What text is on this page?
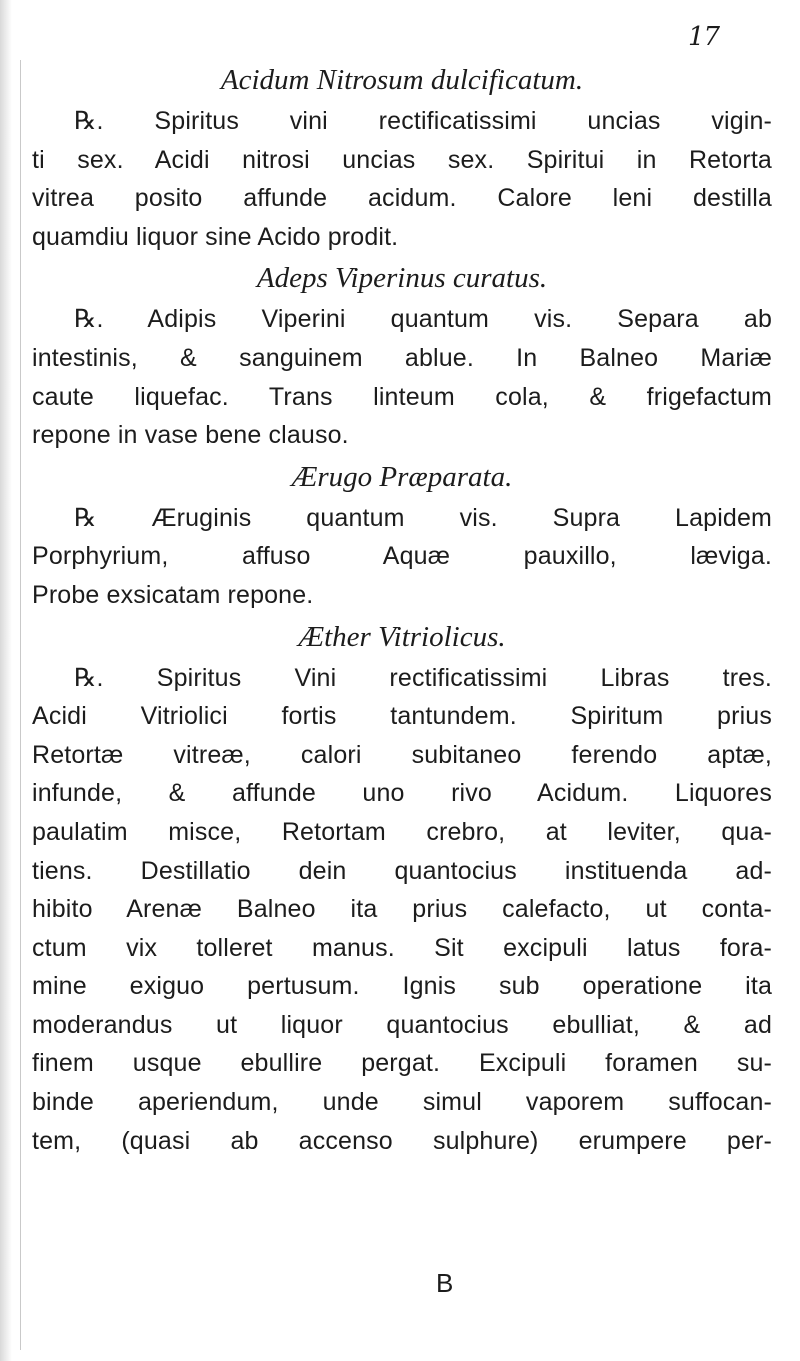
17
Acidum Nitrosum dulcificatum.
℞. Spiritus vini rectificatissimi uncias vigin-
ti sex. Acidi nitrosi uncias sex. Spiritui in Retorta
vitrea posito affunde acidum. Calore leni destilla
quamdiu liquor sine Acido prodit.
Adeps Viperinus curatus.
℞. Adipis Viperini quantum vis. Separa ab
intestinis, & sanguinem ablue. In Balneo Mariæ
caute liquefac. Trans linteum cola, & frigefactum
repone in vase bene clauso.
Ærugo Præparata.
℞ Æruginis quantum vis. Supra Lapidem
Porphyrium, affuso Aquæ pauxillo, læviga.
Probe exsicatam repone.
Æther Vitriolicus.
℞. Spiritus Vini rectificatissimi Libras tres.
Acidi Vitriolici fortis tantundem. Spiritum prius
Retortæ vitreæ, calori subitaneo ferendo aptæ,
infunde, & affunde uno rivo Acidum. Liquores
paulatim misce, Retortam crebro, at leviter, qua-
tiens. Destillatio dein quantocius instituenda ad-
hibito Arenæ Balneo ita prius calefacto, ut conta-
ctum vix tolleret manus. Sit excipuli latus fora-
mine exiguo pertusum. Ignis sub operatione ita
moderandus ut liquor quantocius ebulliat, & ad
finem usque ebullire pergat. Excipuli foramen su-
binde aperiendum, unde simul vaporem suffocan-
tem, (quasi ab accenso sulphure) erumpere per-
B
